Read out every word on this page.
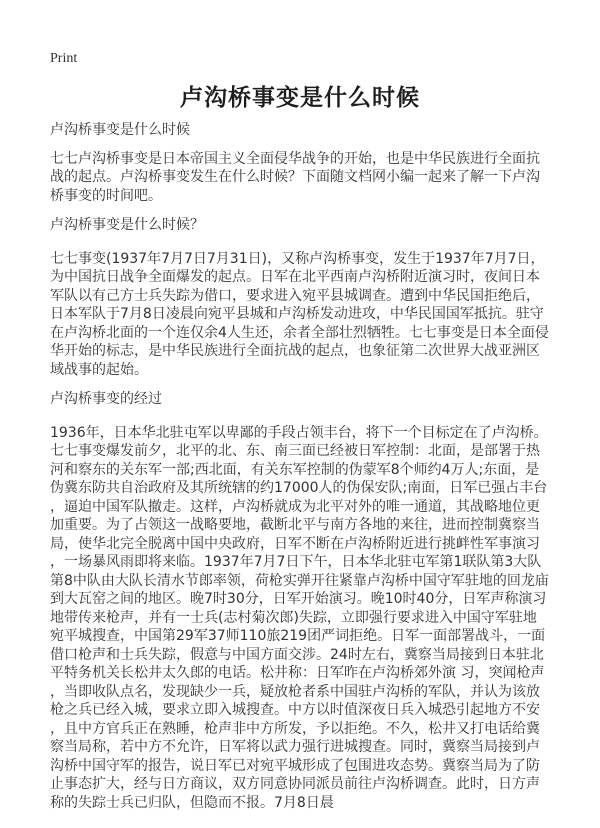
Print
卢沟桥事变是什么时候
卢沟桥事变是什么时候

七七卢沟桥事变是日本帝国主义全面侵华战争的开始，也是中华民族进行全面抗战的起点。卢沟桥事变发生在什么时候？下面随文档网小编一起来了解一下卢沟桥事变的时间吧。

卢沟桥事变是什么时候？

七七事变(1937年7月7日7月31日)，又称卢沟桥事变，发生于1937年7月7日，为中国抗日战争全面爆发的起点。日军在北平西南卢沟桥附近演习时，夜间日本军队以有己方士兵失踪为借口，要求进入宛平县城调查。遭到中华民国拒绝后，日本军队于7月8日凌晨向宛平县城和卢沟桥发动进攻，中华民国国军抵抗。驻守在卢沟桥北面的一个连仅余4人生还，余者全部壮烈牺牲。七七事变是日本全面侵华开始的标志，是中华民族进行全面抗战的起点，也象征第二次世界大战亚洲区域战事的起始。

卢沟桥事变的经过

1936年，日本华北驻屯军以卑鄙的手段占领丰台，将下一个目标定在了卢沟桥。七七事变爆发前夕，北平的北、东、南三面已经被日军控制：北面，是部署于热河和察东的关东军一部;西北面，有关东军控制的伪蒙军8个师约4万人;东面，是伪冀东防共自治政府及其所统辖的约17000人的伪保安队;南面，日军已强占丰台，逼迫中国军队撤走。这样，卢沟桥就成为北平对外的唯一通道，其战略地位更加重要。为了占领这一战略要地，截断北平与南方各地的来往，进而控制冀察当局，使华北完全脱离中国中央政府，日军不断在卢沟桥附近进行挑衅性军事演习，一场暴风雨即将来临。1937年7月7日下午，日本华北驻屯军第1联队第3大队第8中队由大队长清水节郎率领，荷枪实弹开往紧靠卢沟桥中国守军驻地的回龙庙到大瓦窑之间的地区。晚7时30分，日军开始演习。晚10时40分，日军声称演习地带传来枪声，并有一士兵(志村菊次郎)失踪，立即强行要求进入中国守军驻地宛平城搜查，中国第29军37师110旅219团严词拒绝。日军一面部署战斗，一面借口枪声和士兵失踪，假意与中国方面交涉。24时左右，冀察当局接到日本驻北平特务机关长松井太久郎的电话。松井称：日军昨在卢沟桥郊外演 习，突闻枪声，当即收队点名，发现缺少一兵，疑放枪者系中国驻卢沟桥的军队，并认为该放枪之兵已经入城，要求立即入城搜查。中方以时值深夜日兵入城恐引起地方不安，且中方官兵正在熟睡，枪声非中方所发，予以拒绝。不久，松井又打电话给冀察当局称，若中方不允许，日军将以武力强行进城搜查。同时，冀察当局接到卢沟桥中国守军的报告，说日军已对宛平城形成了包围进攻态势。冀察当局为了防止事态扩大，经与日方商议，双方同意协同派员前往卢沟桥调查。此时，日方声称的失踪士兵已归队，但隐而不报。7月8日晨
